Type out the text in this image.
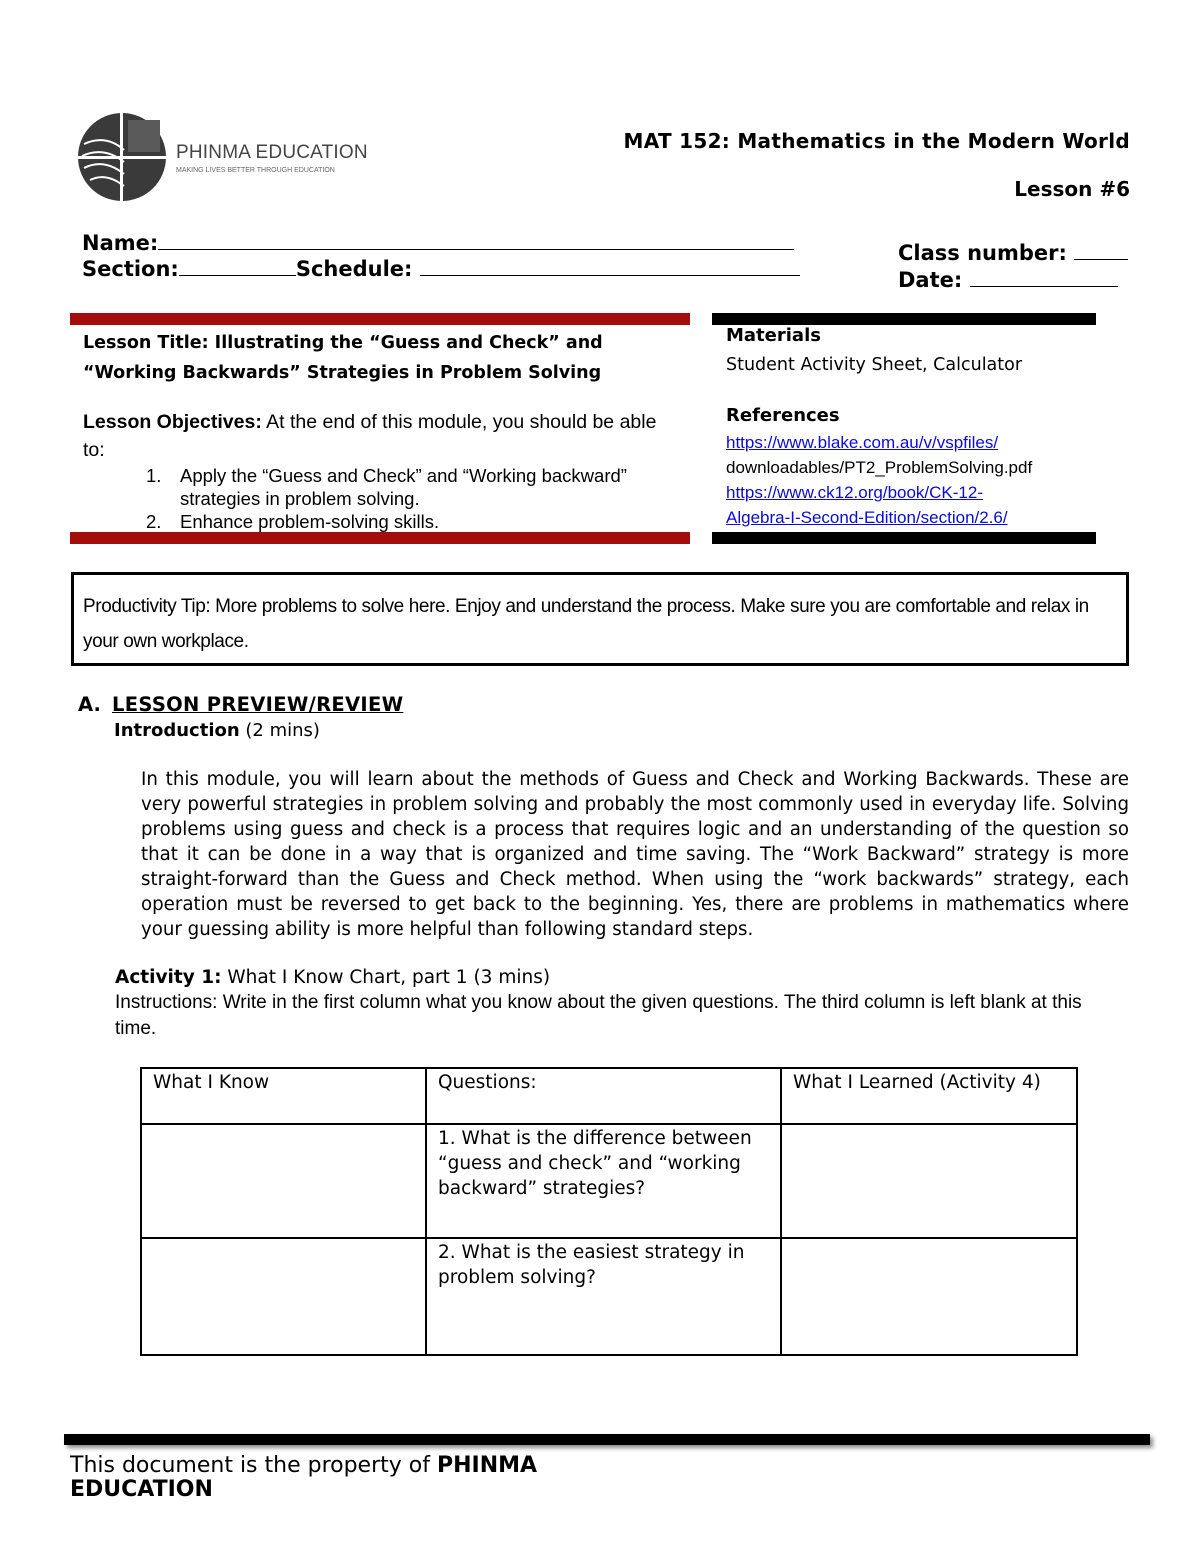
PHINMA EDUCATION
MAKING LIVES BETTER THROUGH EDUCATION
MAT 152: Mathematics in the Modern World
Lesson #6
Name:
Section:	Schedule:
Class number:
Date:
Lesson Title: Illustrating the “Guess and Check” and
“Working Backwards” Strategies in Problem Solving
Lesson Objectives: At the end of this module, you should be able to:
1. Apply the “Guess and Check” and “Working backward” strategies in problem solving.
2. Enhance problem-solving skills.
Materials
Student Activity Sheet, Calculator
References
https://www.blake.com.au/v/vspfiles/
downloadables/PT2_ProblemSolving.pdf
https://www.ck12.org/book/CK-12-
Algebra-I-Second-Edition/section/2.6/
Productivity Tip: More problems to solve here. Enjoy and understand the process. Make sure you are comfortable and relax in your own workplace.
A. LESSON PREVIEW/REVIEW
Introduction (2 mins)
In this module, you will learn about the methods of Guess and Check and Working Backwards. These are very powerful strategies in problem solving and probably the most commonly used in everyday life. Solving problems using guess and check is a process that requires logic and an understanding of the question so that it can be done in a way that is organized and time saving. The “Work Backward” strategy is more straight-forward than the Guess and Check method. When using the “work backwards” strategy, each operation must be reversed to get back to the beginning. Yes, there are problems in mathematics where your guessing ability is more helpful than following standard steps.
Activity 1: What I Know Chart, part 1 (3 mins)
Instructions: Write in the first column what you know about the given questions. The third column is left blank at this time.
What I Know	Questions:	What I Learned (Activity 4)
	1. What is the difference between “guess and check” and “working backward” strategies?	
	2. What is the easiest strategy in problem solving?	
This document is the property of PHINMA
EDUCATION
